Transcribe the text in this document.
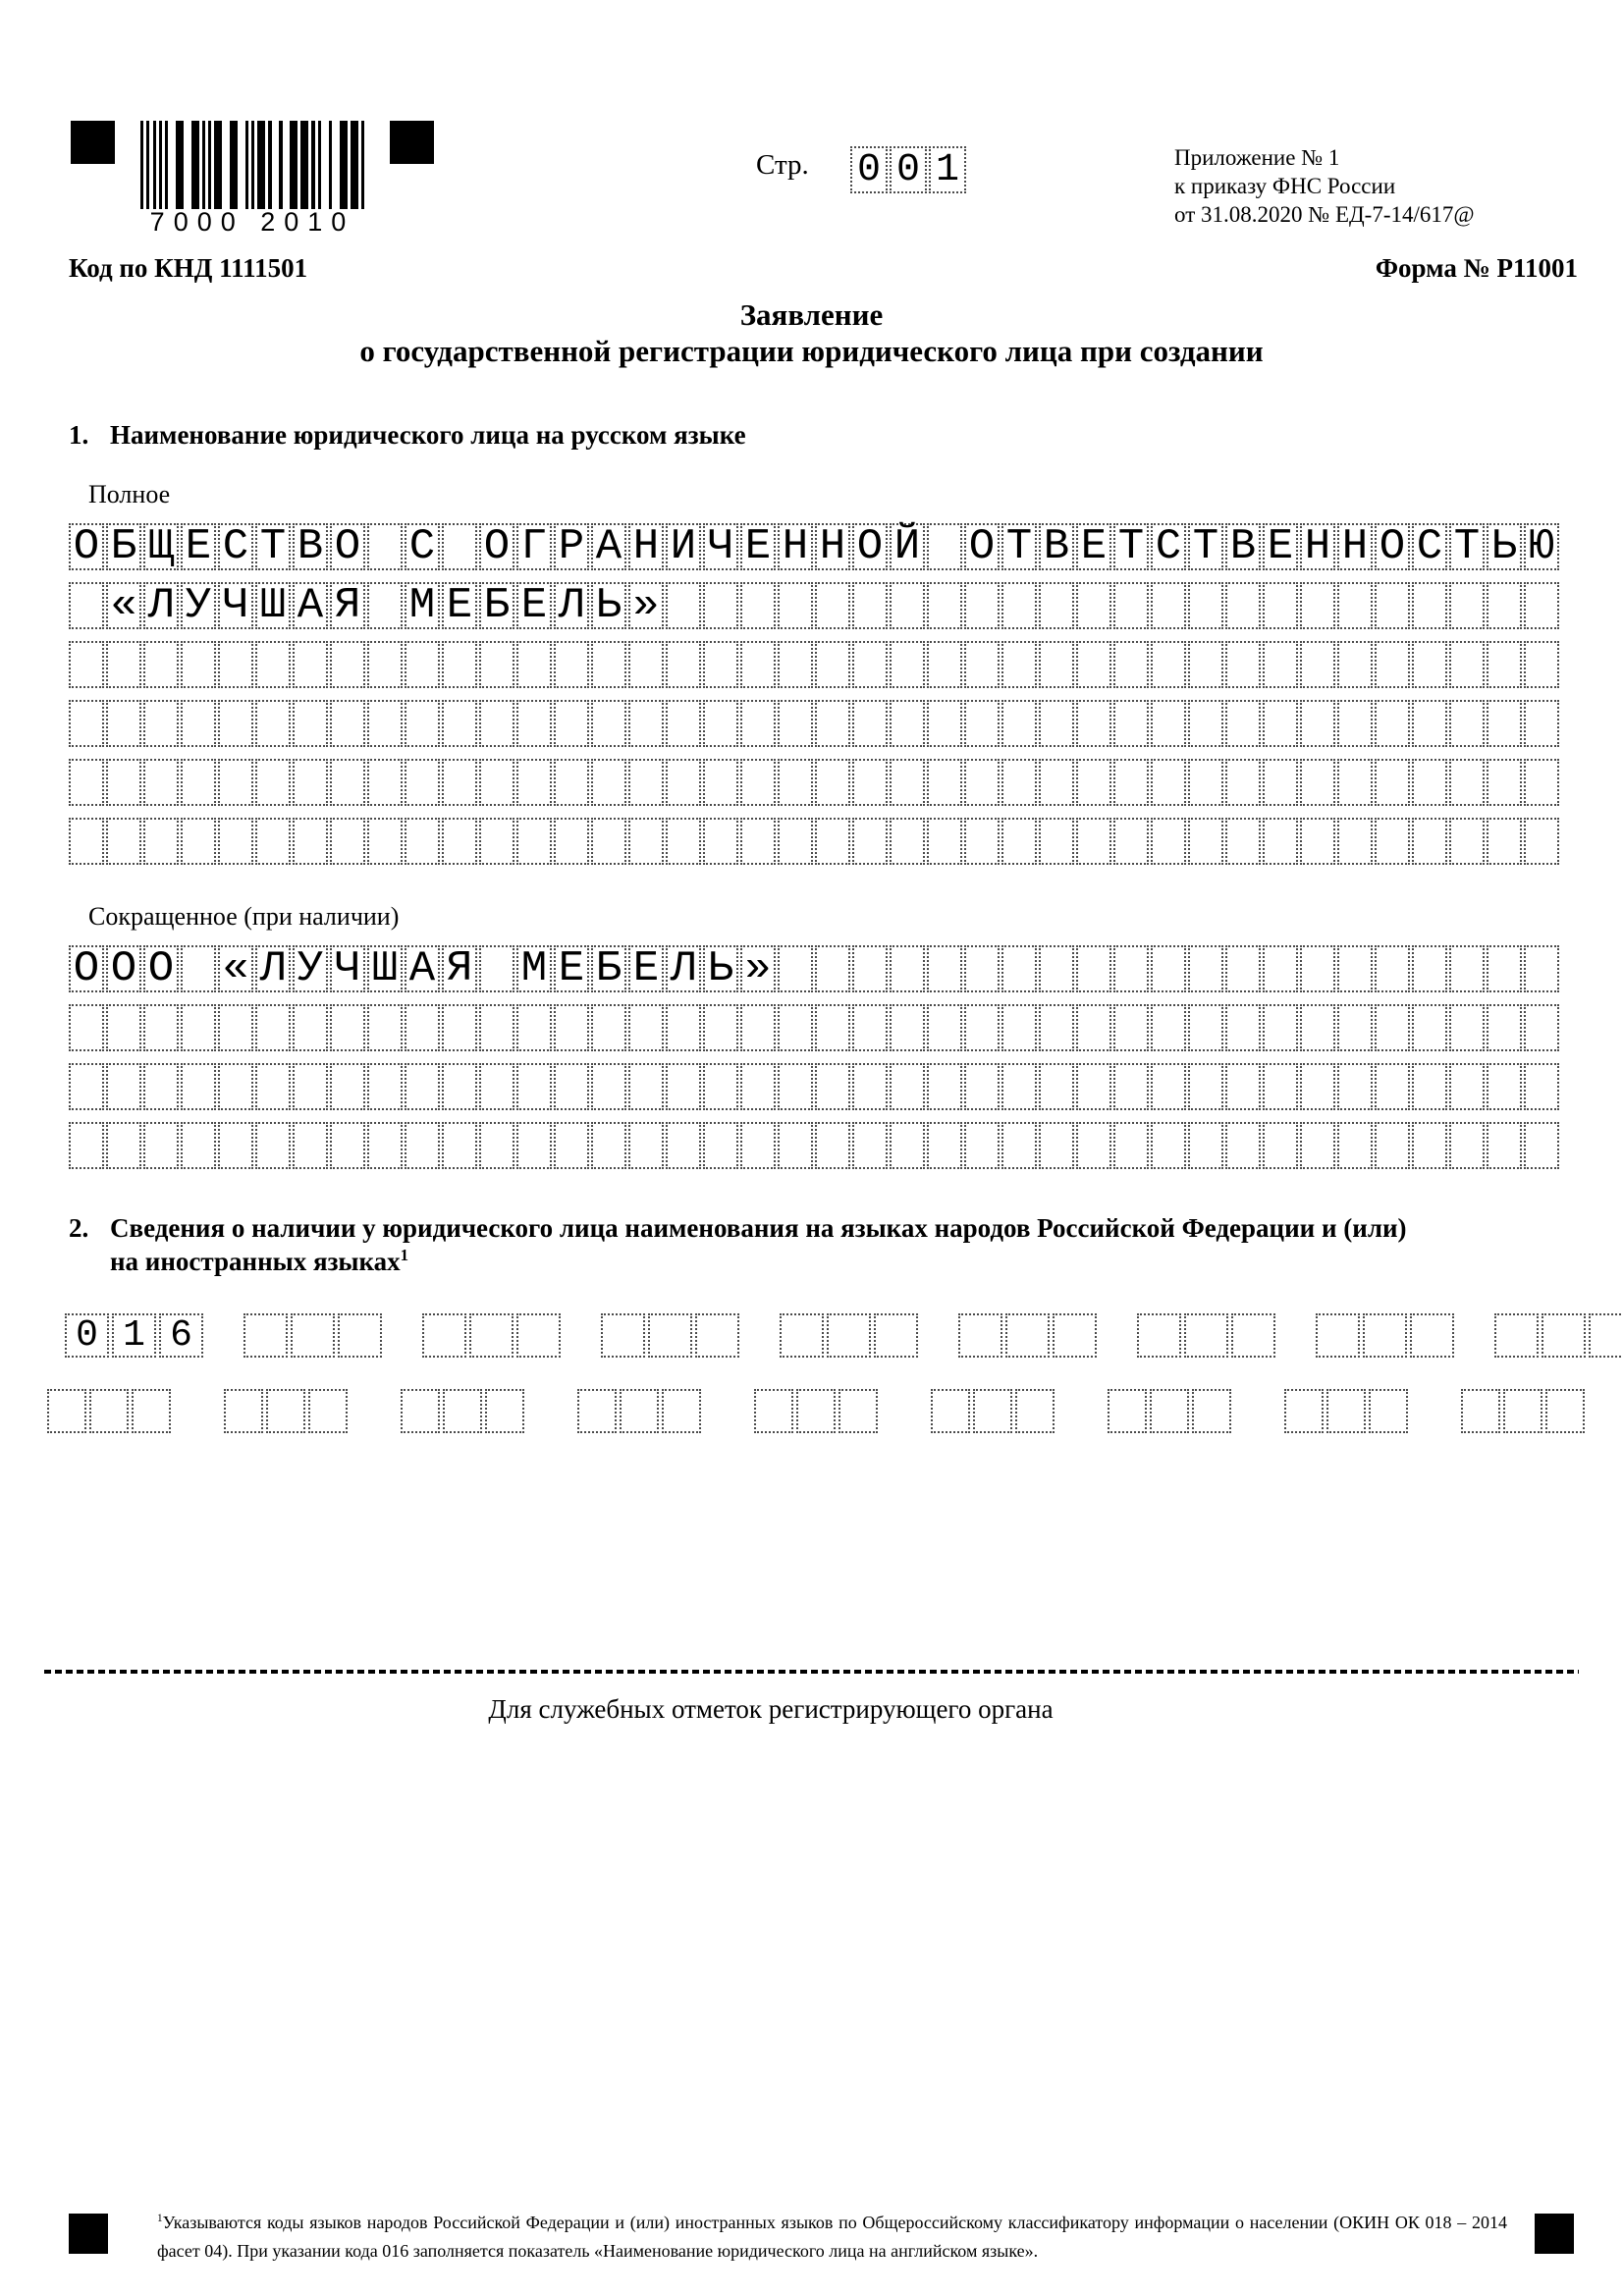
7000 2010
Стр. 0 0 1	Приложение № 1
к приказу ФНС России
от 31.08.2020 № ЕД-7-14/617@
Код по КНД 1111501	Форма № Р11001
Заявление
о государственной регистрации юридического лица при создании
1. Наименование юридического лица на русском языке
Полное
О Б Щ Е С Т В О С О Г Р А Н И Ч Е Н Н О Й О Т В Е Т С Т В Е Н Н О С Т Ь Ю
« Л У Ч Ш А Я М Е Б Е Л Ь »
Сокращенное (при наличии)
О О О « Л У Ч Ш А Я М Е Б Е Л Ь »
2. Сведения о наличии у юридического лица наименования на языках народов Российской Федерации и (или)
на иностранных языках$^1$
0 1 6
Для служебных отметок регистрирующего органа
$^1$Указываются коды языков народов Российской Федерации и (или) иностранных языков по Общероссийскому классификатору информации о населении (ОКИН ОК 018 – 2014 фасет 04). При указании кода 016 заполняется показатель «Наименование юридического лица на английском языке».
